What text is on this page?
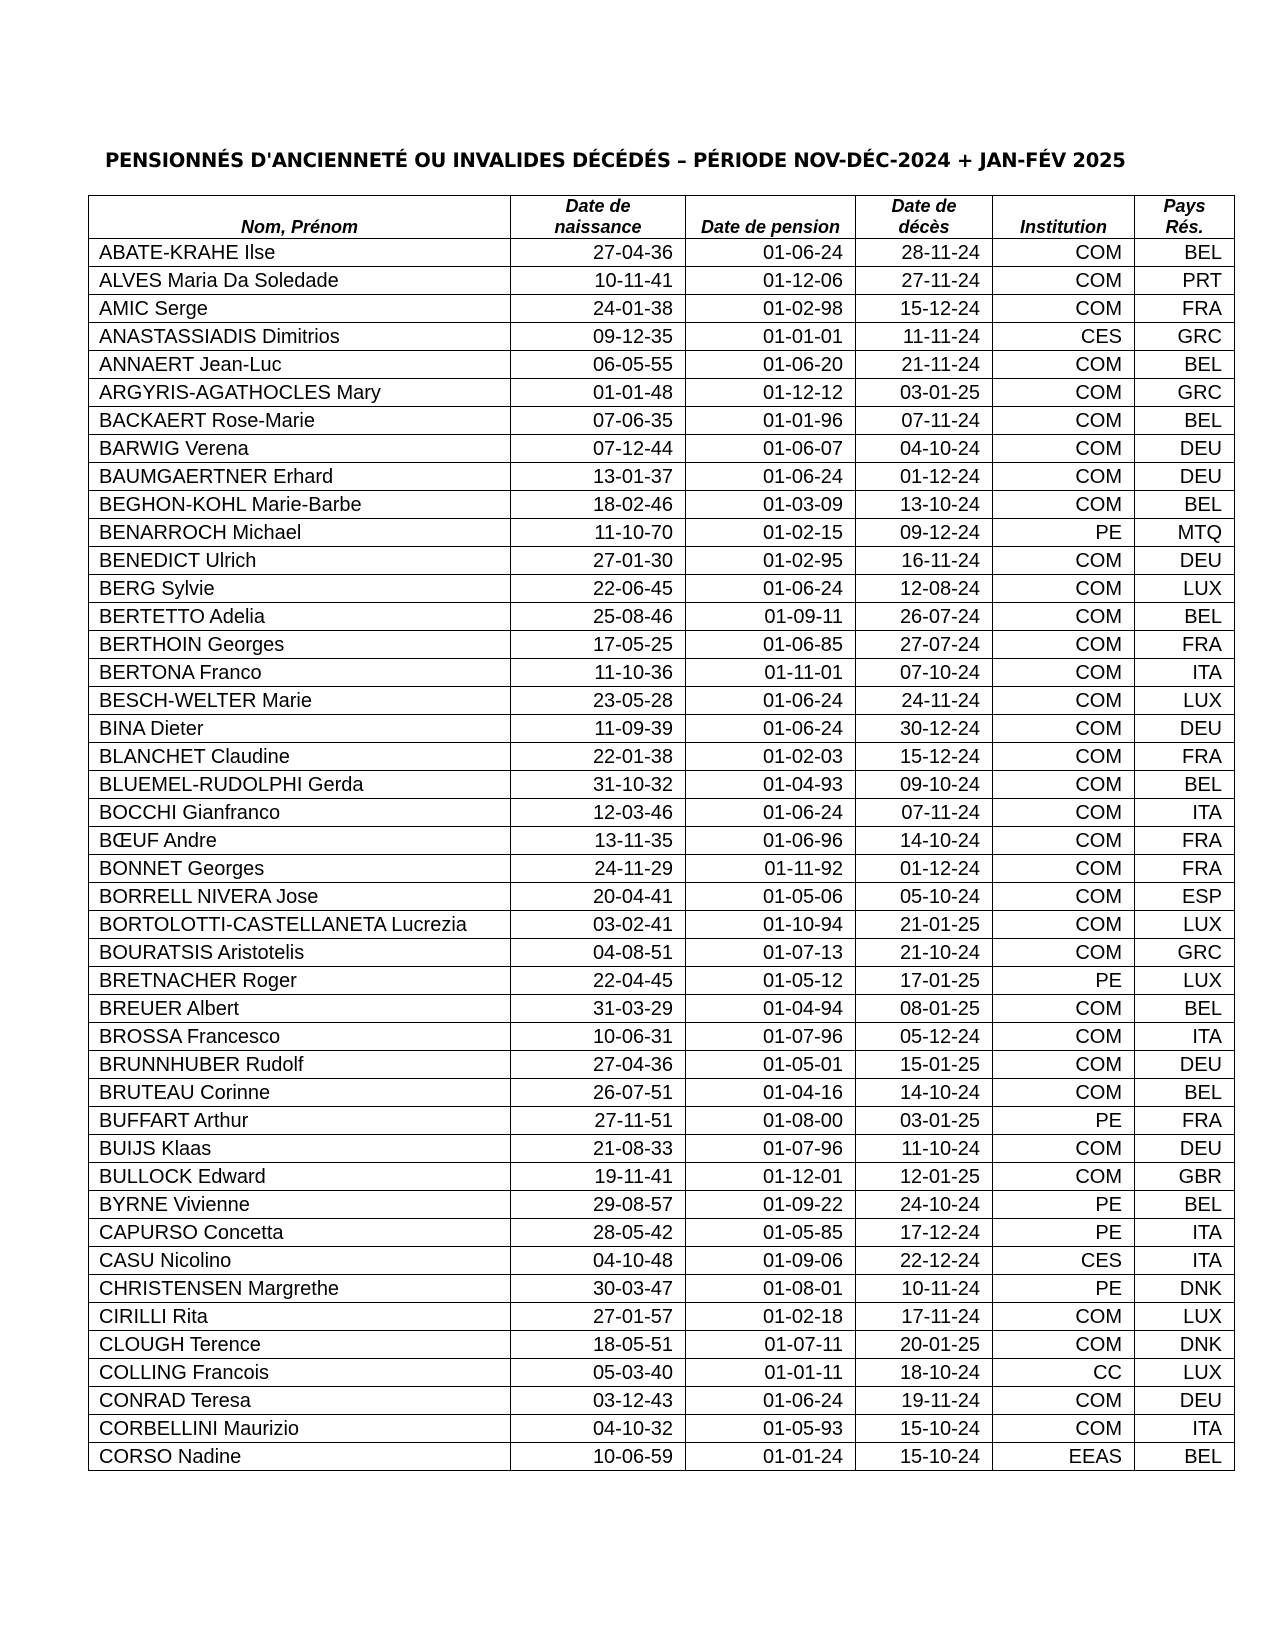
PENSIONNÉS D'ANCIENNETÉ OU INVALIDES DÉCÉDÉS – PÉRIODE NOV-DÉC-2024 + JAN-FÉV 2025
Nom, Prénom	Date de
naissance	Date de pension	Date de
décès	Institution	Pays
Rés.

ABATE-KRAHE Ilse	27-04-36	01-06-24	28-11-24	COM	BEL
ALVES Maria Da Soledade	10-11-41	01-12-06	27-11-24	COM	PRT
AMIC Serge	24-01-38	01-02-98	15-12-24	COM	FRA
ANASTASSIADIS Dimitrios	09-12-35	01-01-01	11-11-24	CES	GRC
ANNAERT Jean-Luc	06-05-55	01-06-20	21-11-24	COM	BEL
ARGYRIS-AGATHOCLES Mary	01-01-48	01-12-12	03-01-25	COM	GRC
BACKAERT Rose-Marie	07-06-35	01-01-96	07-11-24	COM	BEL
BARWIG Verena	07-12-44	01-06-07	04-10-24	COM	DEU
BAUMGAERTNER Erhard	13-01-37	01-06-24	01-12-24	COM	DEU
BEGHON-KOHL Marie-Barbe	18-02-46	01-03-09	13-10-24	COM	BEL
BENARROCH Michael	11-10-70	01-02-15	09-12-24	PE	MTQ
BENEDICT Ulrich	27-01-30	01-02-95	16-11-24	COM	DEU
BERG Sylvie	22-06-45	01-06-24	12-08-24	COM	LUX
BERTETTO Adelia	25-08-46	01-09-11	26-07-24	COM	BEL
BERTHOIN Georges	17-05-25	01-06-85	27-07-24	COM	FRA
BERTONA Franco	11-10-36	01-11-01	07-10-24	COM	ITA
BESCH-WELTER Marie	23-05-28	01-06-24	24-11-24	COM	LUX
BINA Dieter	11-09-39	01-06-24	30-12-24	COM	DEU
BLANCHET Claudine	22-01-38	01-02-03	15-12-24	COM	FRA
BLUEMEL-RUDOLPHI Gerda	31-10-32	01-04-93	09-10-24	COM	BEL
BOCCHI Gianfranco	12-03-46	01-06-24	07-11-24	COM	ITA
BŒUF Andre	13-11-35	01-06-96	14-10-24	COM	FRA
BONNET Georges	24-11-29	01-11-92	01-12-24	COM	FRA
BORRELL NIVERA Jose	20-04-41	01-05-06	05-10-24	COM	ESP
BORTOLOTTI-CASTELLANETA Lucrezia	03-02-41	01-10-94	21-01-25	COM	LUX
BOURATSIS Aristotelis	04-08-51	01-07-13	21-10-24	COM	GRC
BRETNACHER Roger	22-04-45	01-05-12	17-01-25	PE	LUX
BREUER Albert	31-03-29	01-04-94	08-01-25	COM	BEL
BROSSA Francesco	10-06-31	01-07-96	05-12-24	COM	ITA
BRUNNHUBER Rudolf	27-04-36	01-05-01	15-01-25	COM	DEU
BRUTEAU Corinne	26-07-51	01-04-16	14-10-24	COM	BEL
BUFFART Arthur	27-11-51	01-08-00	03-01-25	PE	FRA
BUIJS Klaas	21-08-33	01-07-96	11-10-24	COM	DEU
BULLOCK Edward	19-11-41	01-12-01	12-01-25	COM	GBR
BYRNE Vivienne	29-08-57	01-09-22	24-10-24	PE	BEL
CAPURSO Concetta	28-05-42	01-05-85	17-12-24	PE	ITA
CASU Nicolino	04-10-48	01-09-06	22-12-24	CES	ITA
CHRISTENSEN Margrethe	30-03-47	01-08-01	10-11-24	PE	DNK
CIRILLI Rita	27-01-57	01-02-18	17-11-24	COM	LUX
CLOUGH Terence	18-05-51	01-07-11	20-01-25	COM	DNK
COLLING Francois	05-03-40	01-01-11	18-10-24	CC	LUX
CONRAD Teresa	03-12-43	01-06-24	19-11-24	COM	DEU
CORBELLINI Maurizio	04-10-32	01-05-93	15-10-24	COM	ITA
CORSO Nadine	10-06-59	01-01-24	15-10-24	EEAS	BEL
